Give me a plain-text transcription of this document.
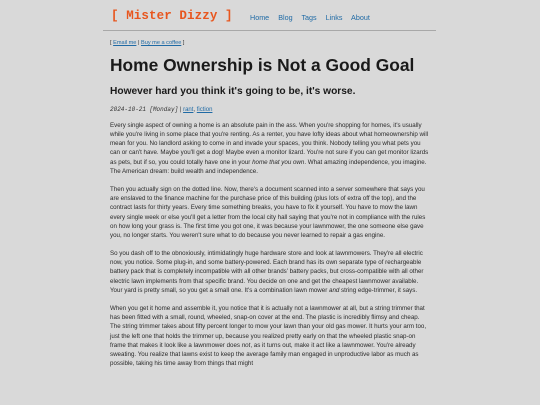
[ Mister Dizzy ] Home Blog Tags Links About
[ Email me | Buy me a coffee ]
Home Ownership is Not a Good Goal
However hard you think it's going to be, it's worse.
2024-10-21 [Monday] | rant, fiction

Every single aspect of owning a home is an absolute pain in the ass. When you're shopping for homes, it's usually while you're living in some place that you're renting. As a renter, you have lofty ideas about what homeownership will mean for you. No landlord asking to come in and invade your spaces, you think. Nobody telling you what pets you can or can't have. Maybe you'll get a dog! Maybe even a monitor lizard. You're not sure if you can get monitor lizards as pets, but if so, you could totally have one in your home that you own. What amazing independence, you imagine. The American dream: build wealth and independence.

Then you actually sign on the dotted line. Now, there's a document scanned into a server somewhere that says you are enslaved to the finance machine for the purchase price of this building (plus lots of extra off the top), and the contract lasts for thirty years. Every time something breaks, you have to fix it yourself. You have to mow the lawn every single week or else you'll get a letter from the local city hall saying that you're not in compliance with the rules on how long your grass is. The first time you got one, it was because your lawnmower, the one someone else gave you, no longer starts. You weren't sure what to do because you never learned to repair a gas engine.

So you dash off to the obnoxiously, intimidatingly huge hardware store and look at lawnmowers. They're all electric now, you notice. Some plug-in, and some battery-powered. Each brand has its own separate type of rechargeable battery pack that is completely incompatible with all other brands' battery packs, but cross-compatible with all other electric lawn implements from that specific brand. You decide on one and get the cheapest lawnmower available. Your yard is pretty small, so you get a small one. It's a combination lawn mower and string edge-trimmer, it says.

When you get it home and assemble it, you notice that it is actually not a lawnmower at all, but a string trimmer that has been fitted with a small, round, wheeled, snap-on cover at the end. The plastic is incredibly flimsy and cheap. The string trimmer takes about fifty percent longer to mow your lawn than your old gas mower. It hurts your arm too, just the left one that holds the trimmer up, because you realized pretty early on that the wheeled plastic snap-on frame that makes it look like a lawnmower does not, as it turns out, make it act like a lawnmower. You're already sweating. You realize that lawns exist to keep the average family man engaged in unproductive labor as much as possible, taking his time away from things that might
